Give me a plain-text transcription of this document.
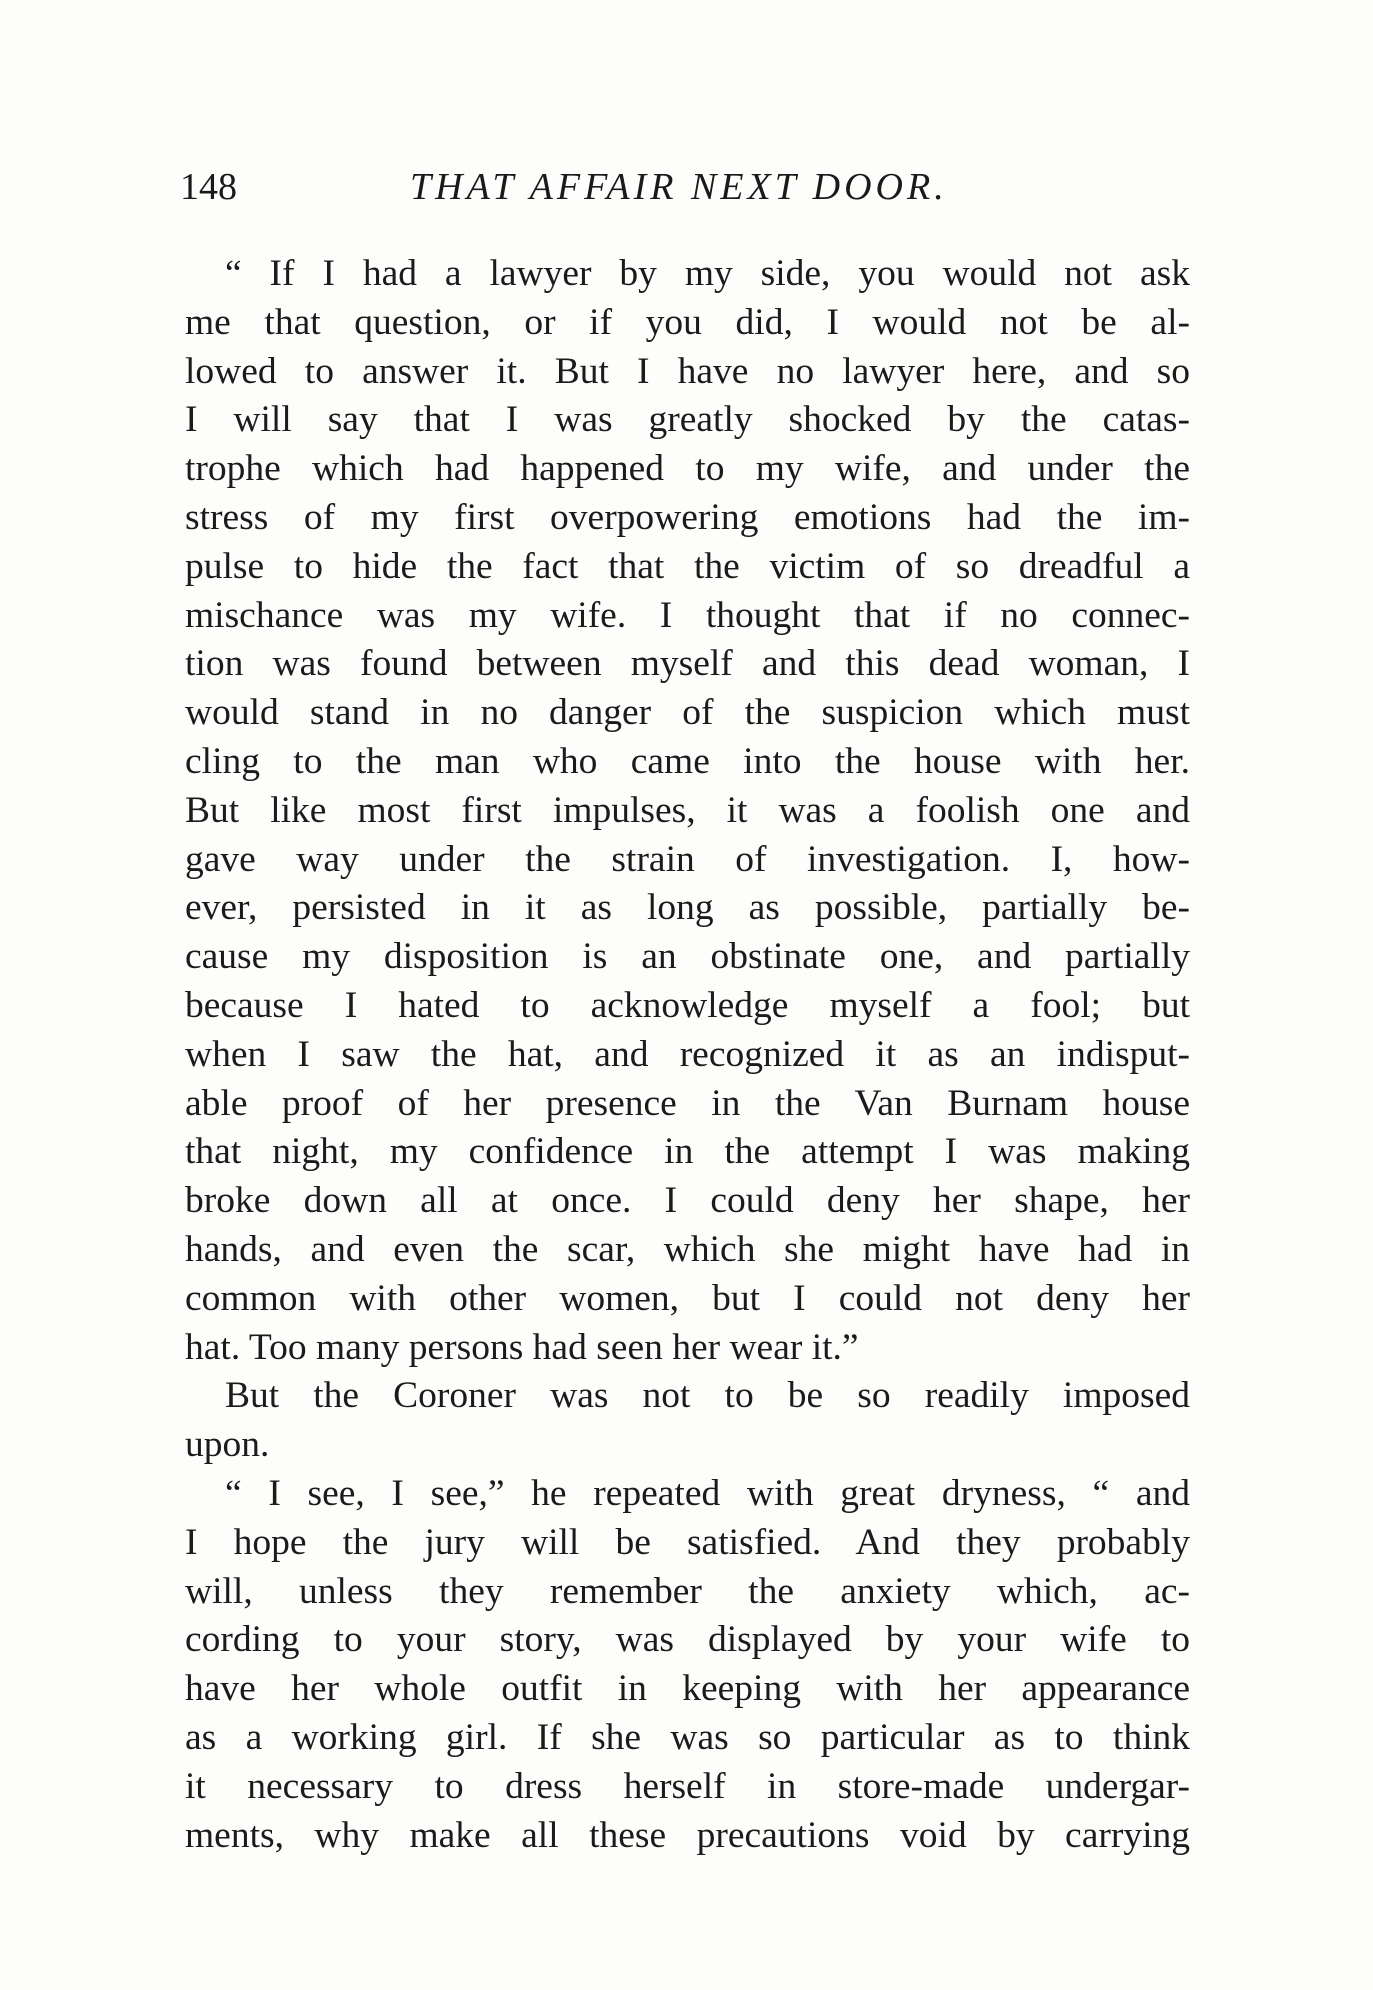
148	THAT AFFAIR NEXT DOOR.
“ If I had a lawyer by my side, you would not ask
me that question, or if you did, I would not be al-
lowed to answer it. But I have no lawyer here, and so
I will say that I was greatly shocked by the catas-
trophe which had happened to my wife, and under the
stress of my first overpowering emotions had the im-
pulse to hide the fact that the victim of so dreadful a
mischance was my wife. I thought that if no connec-
tion was found between myself and this dead woman, I
would stand in no danger of the suspicion which must
cling to the man who came into the house with her.
But like most first impulses, it was a foolish one and
gave way under the strain of investigation. I, how-
ever, persisted in it as long as possible, partially be-
cause my disposition is an obstinate one, and partially
because I hated to acknowledge myself a fool; but
when I saw the hat, and recognized it as an indisput-
able proof of her presence in the Van Burnam house
that night, my confidence in the attempt I was making
broke down all at once. I could deny her shape, her
hands, and even the scar, which she might have had in
common with other women, but I could not deny her
hat. Too many persons had seen her wear it.”
But the Coroner was not to be so readily imposed
upon.
“ I see, I see,” he repeated with great dryness, “ and
I hope the jury will be satisfied. And they probably
will, unless they remember the anxiety which, ac-
cording to your story, was displayed by your wife to
have her whole outfit in keeping with her appearance
as a working girl. If she was so particular as to think
it necessary to dress herself in store-made undergar-
ments, why make all these precautions void by carrying
